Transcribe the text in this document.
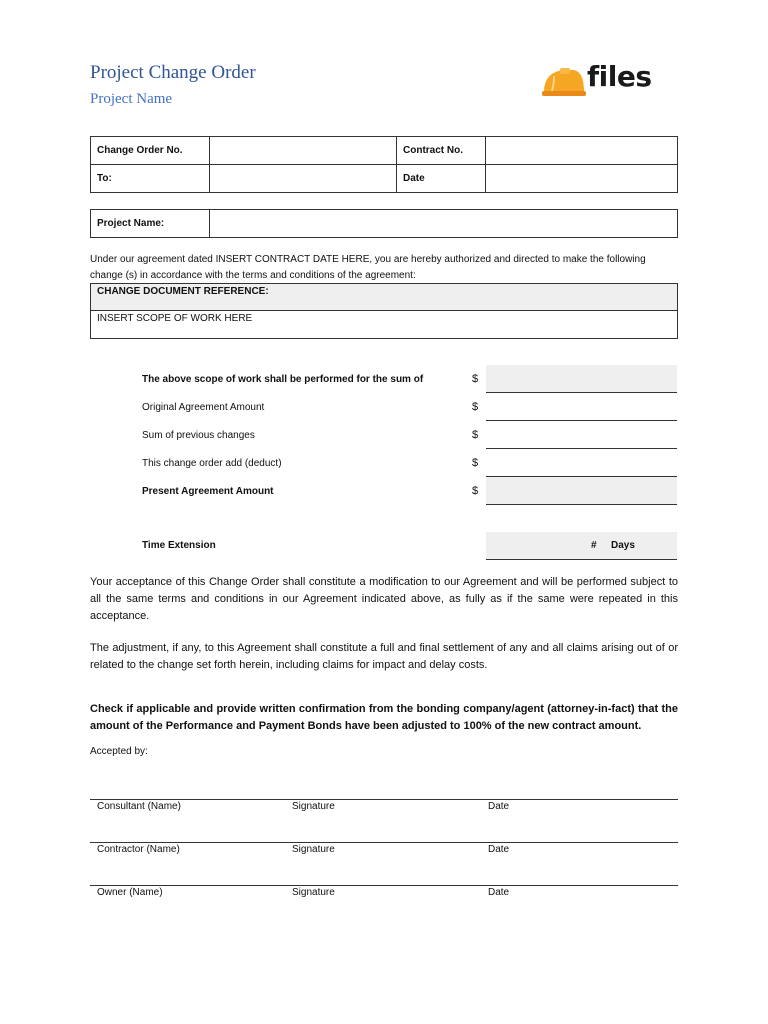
Project Change Order
Project Name
files
Change Order No.		Contract No.	
To:		Date	
Project Name:	
Under our agreement dated INSERT CONTRACT DATE HERE, you are hereby authorized and directed to make the following
change (s) in accordance with the terms and conditions of the agreement:
CHANGE DOCUMENT REFERENCE:
INSERT SCOPE OF WORK HERE
The above scope of work shall be performed for the sum of	$
Original Agreement Amount	$
Sum of previous changes	$
This change order add (deduct)	$
Present Agreement Amount	$
Time Extension	# Days
Your acceptance of this Change Order shall constitute a modification to our Agreement and will be performed subject to all the same terms and conditions in our Agreement indicated above, as fully as if the same were repeated in this acceptance.
The adjustment, if any, to this Agreement shall constitute a full and final settlement of any and all claims arising out of or related to the change set forth herein, including claims for impact and delay costs.
Check if applicable and provide written confirmation from the bonding company/agent (attorney-in-fact) that the amount of the Performance and Payment Bonds have been adjusted to 100% of the new contract amount.
Accepted by:
Consultant (Name)	Signature	Date
Contractor (Name)	Signature	Date
Owner (Name)	Signature	Date
